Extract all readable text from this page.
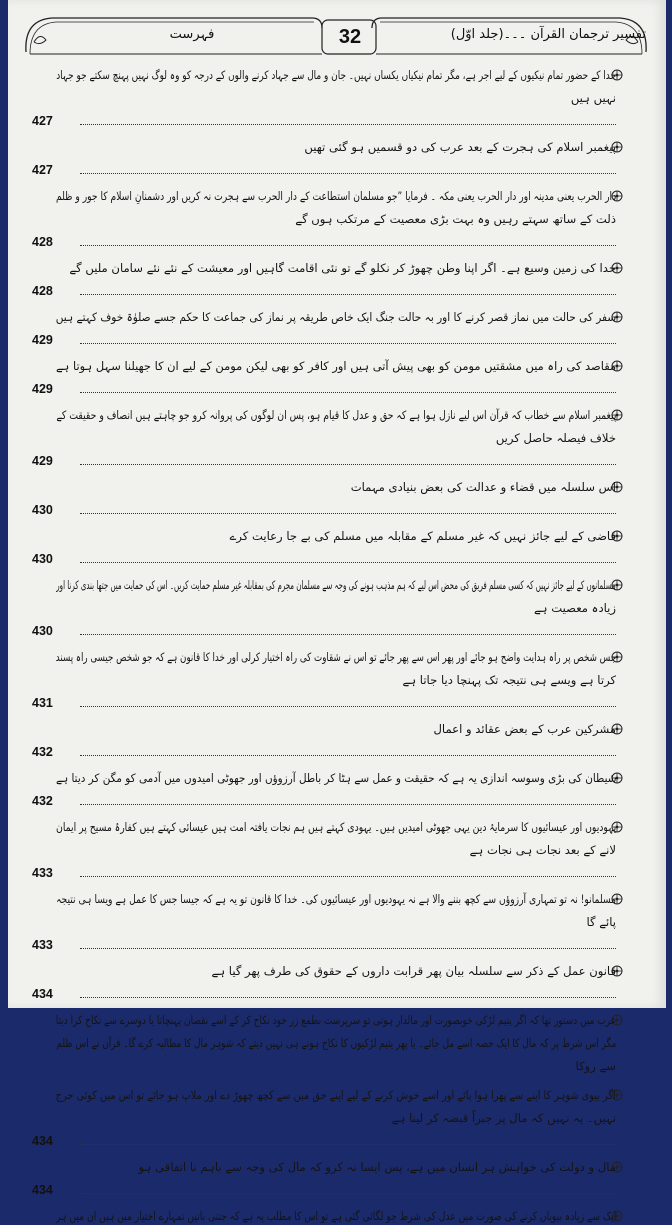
32	تفسیر ترجمان القرآن ۔۔۔(جلد اوّل)
فہرست
خدا کے حضور تمام نیکیوں کے لیے اجر ہے، مگر تمام نیکیاں یکساں نہیں۔ جان و مال سے جہاد کرنے والوں کے درجہ کو وہ لوگ نہیں پہنچ سکتے جو جہاد
نہیں ہیں
427
پیغمبر اسلام کی ہجرت کے بعد عرب کی دو قسمیں ہو گئی تھیں
427
دار الحرب یعنی مدینہ اور دار الحرب یعنی مکہ ۔ فرمایا ”جو مسلمان استطاعت کے دار الحرب سے ہجرت نہ کریں اور دشمنانِ اسلام کا جور و ظلم
ذلت کے ساتھ سہتے رہیں وہ بہت بڑی معصیت کے مرتکب ہوں گے
428
خدا کی زمین وسیع ہے۔ اگر اپنا وطن چھوڑ کر نکلو گے تو نئی اقامت گاہیں اور معیشت کے نئے نئے سامان ملیں گے
428
سفر کی حالت میں نماز قصر کرنے کا اور بہ حالت جنگ ایک خاص طریقہ پر نماز کی جماعت کا حکم جسے صلوٰۃ خوف کہتے ہیں
429
مقاصد کی راہ میں مشقتیں مومن کو بھی پیش آتی ہیں اور کافر کو بھی لیکن مومن کے لیے ان کا جھیلنا سہل ہوتا ہے
429
پیغمبر اسلام سے خطاب کہ قرآن اس لیے نازل ہوا ہے کہ حق و عدل کا قیام ہو، پس ان لوگوں کی پروانہ کرو جو چاہتے ہیں انصاف و حقیقت کے
خلاف فیصلہ حاصل کریں
429
اس سلسلہ میں قضاء و عدالت کی بعض بنیادی مہمات
430
قاضی کے لیے جائز نہیں کہ غیر مسلم کے مقابلہ میں مسلم کی بے جا رعایت کرے
430
مسلمانوں کے لیے جائز نہیں کہ کسی مسلم فریق کی محض اس لیے کہ ہم مذہب ہونے کی وجہ سے مسلمان مجرم کی بمقابلہ غیر مسلم حمایت کریں۔ اس کی حمایت میں جتھا بندی کرنا اور
زیادہ معصیت ہے
430
جس شخص پر راہ ہدایت واضح ہو جائے اور پھر اس سے پھر جائے تو اس نے شقاوت کی راہ اختیار کرلی اور خدا کا قانون ہے کہ جو شخص جیسی راہ پسند
کرتا ہے ویسے ہی نتیجہ تک پہنچا دیا جاتا ہے
431
مشرکین عرب کے بعض عقائد و اعمال
432
شیطان کی بڑی وسوسہ اندازی یہ ہے کہ حقیقت و عمل سے ہٹا کر باطل آرزوؤں اور جھوٹی امیدوں میں آدمی کو مگن کر دیتا ہے
432
یہودیوں اور عیسائیوں کا سرمایۂ دین یہی جھوٹی امیدیں ہیں۔ یہودی کہتے ہیں ہم نجات یافتہ امت ہیں عیسائی کہتے ہیں کفارۂ مسیح پر ایمان
لانے کے بعد نجات ہی نجات ہے
433
مسلمانو! نہ تو تمہاری آرزوؤں سے کچھ بننے والا ہے نہ یہودیوں اور عیسائیوں کی۔ خدا کا قانون تو یہ ہے کہ جیسا جس کا عمل ہے ویسا ہی نتیجہ
پائے گا
433
قانون عمل کے ذکر سے سلسلہ بیان پھر قرابت داروں کے حقوق کی طرف پھر گیا ہے
434
عرب میں دستور تھا کہ اگر یتیم لڑکی خوبصورت اور مالدار ہوتی تو سرپرست بطمع زر خود نکاح کر کے اسے نقصان پہنچاتا یا دوسرے سے نکاح کرا دیتا
مگر اس شرط پر کہ مال کا ایک حصہ اسے مل جائے۔ یا پھر یتیم لڑکیوں کا نکاح ہونے ہی نہیں دیتے کہ شوہر مال کا مطالبہ کرے گا۔ قرآن نے اس ظلم
سے روکا
اگر بیوی شوہر کا اپنے سے پھرا ہوا پائے اور اسے خوش کرنے کے لیے اپنے حق میں سے کچھ چھوڑ دے اور ملاپ ہو جائے تو اس میں کوئی حرج
نہیں۔ یہ نہیں کہ مال پر جبراً قبضہ کر لینا ہے
434
مال و دولت کی خواہش ہر انسان میں ہے، پس ایسا نہ کرو کہ مال کی وجہ سے باہم نا اتفاقی ہو
434
ایک سے زیادہ بیویاں کرنے کی صورت میں عدل کی شرط جو لگائی گئی ہے تو اس کا مطلب یہ ہے کہ جتنی باتیں تمہارے اختیار میں ہیں ان میں ہر
